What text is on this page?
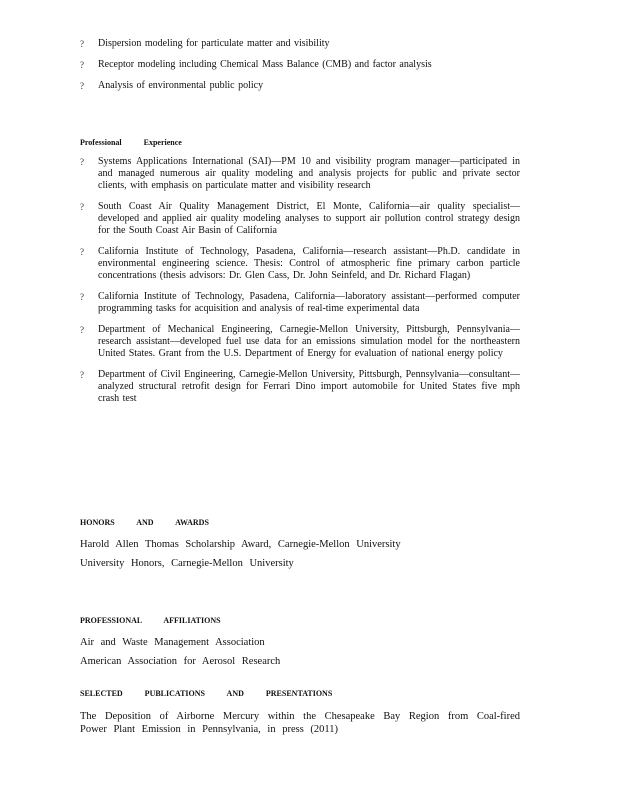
?	Dispersion modeling for particulate matter and visibility
?	Receptor modeling including Chemical Mass Balance (CMB) and factor analysis
?	Analysis of environmental public policy
Professional Experience
?	Systems Applications International (SAI)—PM 10 and visibility program manager—participated in and managed numerous air quality modeling and analysis projects for public and private sector clients, with emphasis on particulate matter and visibility research
?	South Coast Air Quality Management District, El Monte, California—air quality specialist—developed and applied air quality modeling analyses to support air pollution control strategy design for the South Coast Air Basin of California
?	California Institute of Technology, Pasadena, California—research assistant—Ph.D. candidate in environmental engineering science. Thesis: Control of atmospheric fine primary carbon particle concentrations (thesis advisors: Dr. Glen Cass, Dr. John Seinfeld, and Dr. Richard Flagan)
?	California Institute of Technology, Pasadena, California—laboratory assistant—performed computer programming tasks for acquisition and analysis of real-time experimental data
?	Department of Mechanical Engineering, Carnegie-Mellon University, Pittsburgh, Pennsylvania—research assistant—developed fuel use data for an emissions simulation model for the northeastern United States. Grant from the U.S. Department of Energy for evaluation of national energy policy
?	Department of Civil Engineering, Carnegie-Mellon University, Pittsburgh, Pennsylvania—consultant—analyzed structural retrofit design for Ferrari Dino import automobile for United States five mph crash test
HONORS AND AWARDS

Harold Allen Thomas Scholarship Award, Carnegie-Mellon University

University Honors, Carnegie-Mellon University

PROFESSIONAL AFFILIATIONS

Air and Waste Management Association

American Association for Aerosol Research

SELECTED PUBLICATIONS AND PRESENTATIONS

The Deposition of Airborne Mercury within the Chesapeake Bay Region from Coal-fired Power Plant Emission in Pennsylvania, in press (2011)
